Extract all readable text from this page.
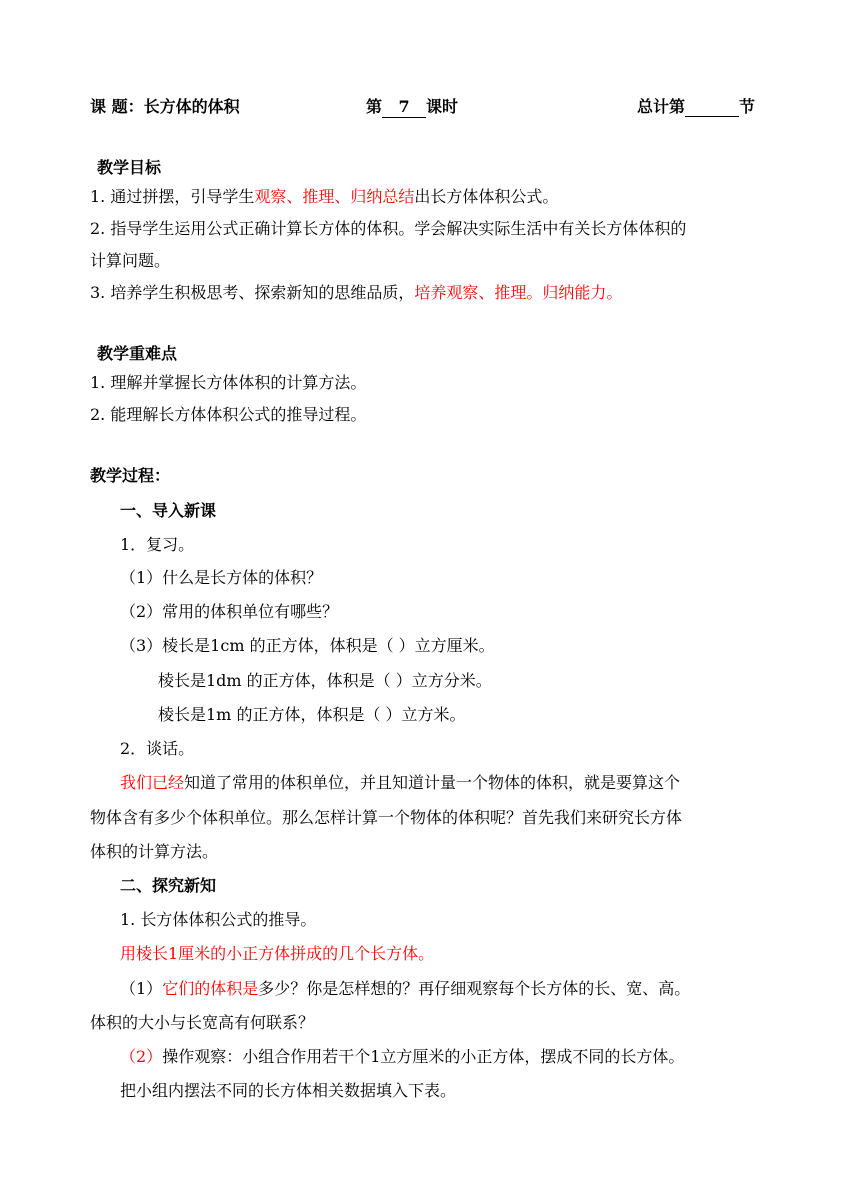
课 题：长方体的体积	第 7 课时	总计第	节
教学目标
1. 通过拼摆，引导学生观察、推理、归纳总结出长方体体积公式。
2. 指导学生运用公式正确计算长方体的体积。学会解决实际生活中有关长方体体积的
计算问题。
3. 培养学生积极思考、探索新知的思维品质，培养观察、推理。归纳能力。
教学重难点
1. 理解并掌握长方体体积的计算方法。
2. 能理解长方体体积公式的推导过程。
教学过程：
一、导入新课
1．复习。
（1）什么是长方体的体积？
（2）常用的体积单位有哪些？
（3）棱长是1cm 的正方体，体积是（ ）立方厘米。
棱长是1dm 的正方体，体积是（ ）立方分米。
棱长是1m 的正方体，体积是（ ）立方米。
2．谈话。
我们已经知道了常用的体积单位，并且知道计量一个物体的体积，就是要算这个
物体含有多少个体积单位。那么怎样计算一个物体的体积呢？首先我们来研究长方体
体积的计算方法。
二、探究新知
1. 长方体体积公式的推导。
用棱长1厘米的小正方体拼成的几个长方体。
（1）它们的体积是多少？你是怎样想的？再仔细观察每个长方体的长、宽、高。
体积的大小与长宽高有何联系？
（2）操作观察：小组合作用若干个1立方厘米的小正方体，摆成不同的长方体。
把小组内摆法不同的长方体相关数据填入下表。
